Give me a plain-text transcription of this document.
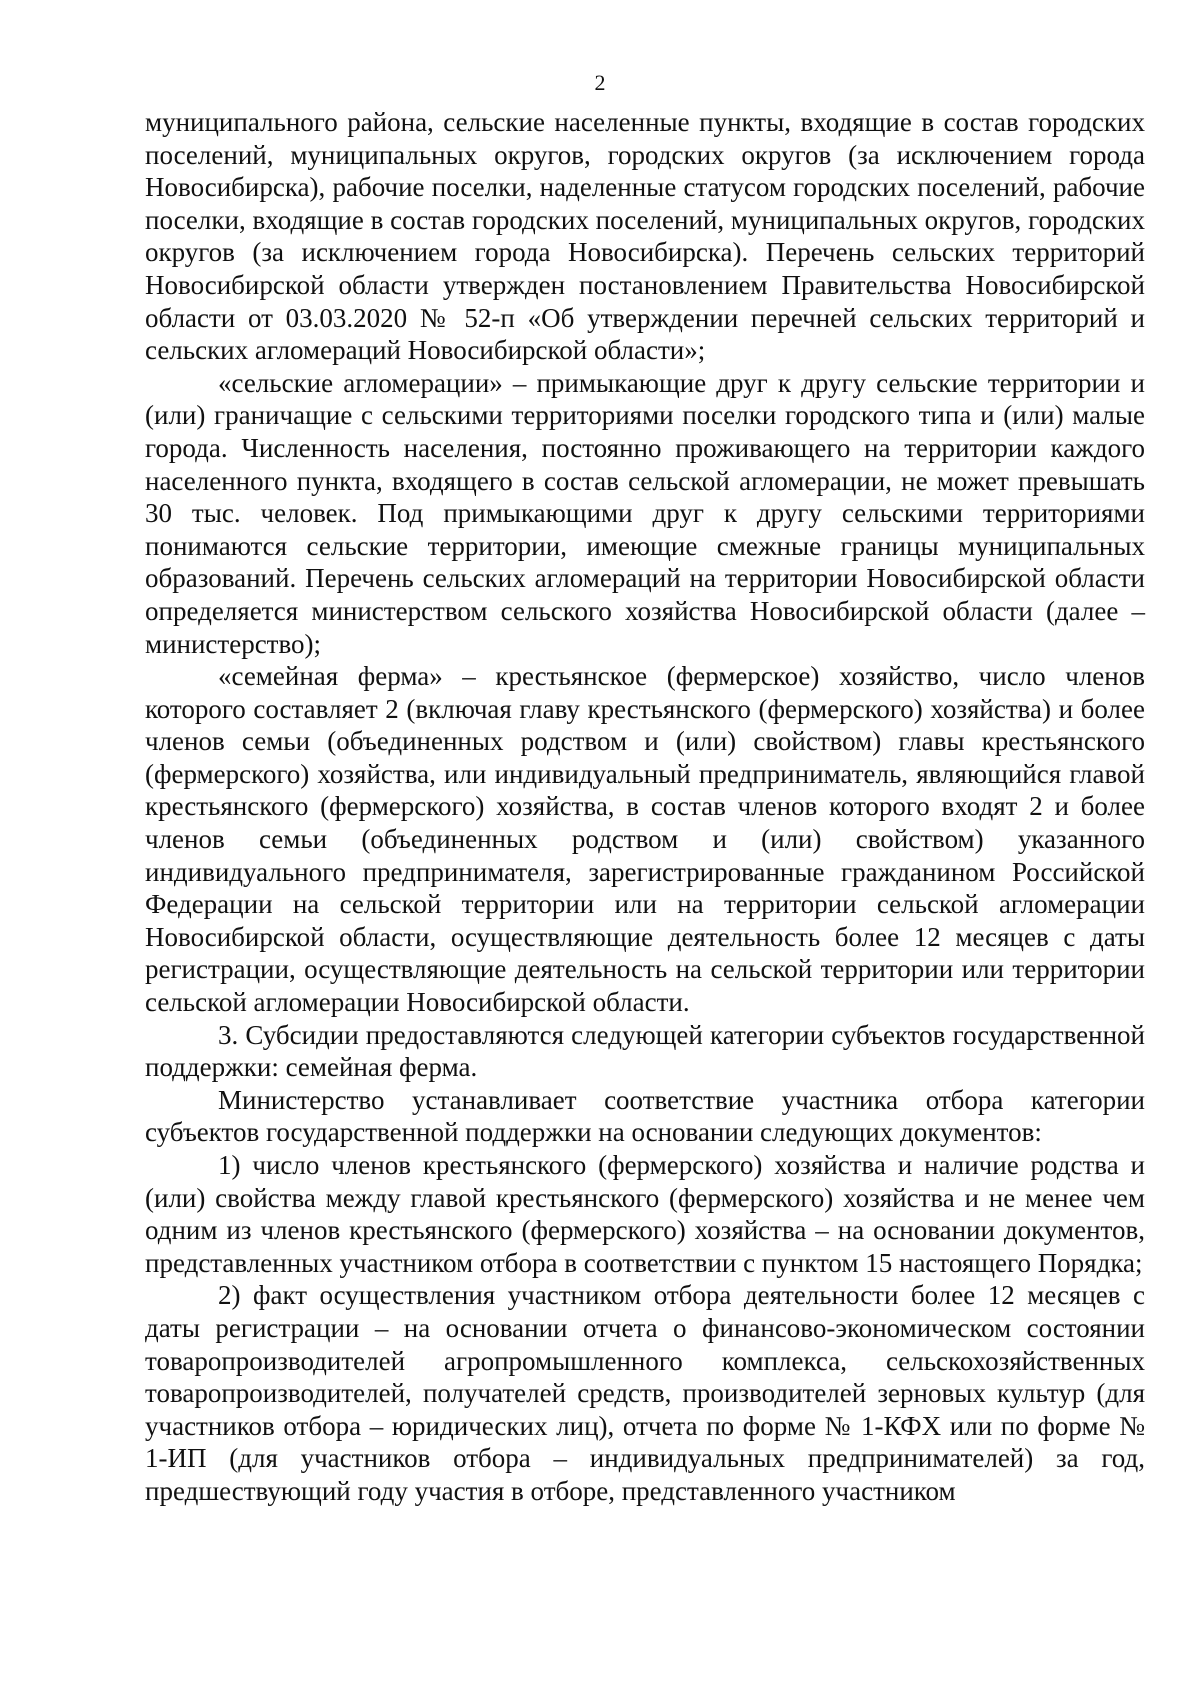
2

муниципального района, сельские населенные пункты, входящие в состав городских поселений, муниципальных округов, городских округов (за исключением города Новосибирска), рабочие поселки, наделенные статусом городских поселений, рабочие поселки, входящие в состав городских поселений, муниципальных округов, городских округов (за исключением города Новосибирска). Перечень сельских территорий Новосибирской области утвержден постановлением Правительства Новосибирской области от 03.03.2020 № 52-п «Об утверждении перечней сельских территорий и сельских агломераций Новосибирской области»;

«сельские агломерации» – примыкающие друг к другу сельские территории и (или) граничащие с сельскими территориями поселки городского типа и (или) малые города. Численность населения, постоянно проживающего на территории каждого населенного пункта, входящего в состав сельской агломерации, не может превышать 30 тыс. человек. Под примыкающими друг к другу сельскими территориями понимаются сельские территории, имеющие смежные границы муниципальных образований. Перечень сельских агломераций на территории Новосибирской области определяется министерством сельского хозяйства Новосибирской области (далее – министерство);

«семейная ферма» – крестьянское (фермерское) хозяйство, число членов которого составляет 2 (включая главу крестьянского (фермерского) хозяйства) и более членов семьи (объединенных родством и (или) свойством) главы крестьянского (фермерского) хозяйства, или индивидуальный предприниматель, являющийся главой крестьянского (фермерского) хозяйства, в состав членов которого входят 2 и более членов семьи (объединенных родством и (или) свойством) указанного индивидуального предпринимателя, зарегистрированные гражданином Российской Федерации на сельской территории или на территории сельской агломерации Новосибирской области, осуществляющие деятельность более 12 месяцев с даты регистрации, осуществляющие деятельность на сельской территории или территории сельской агломерации Новосибирской области.

3. Субсидии предоставляются следующей категории субъектов государственной поддержки: семейная ферма.

Министерство устанавливает соответствие участника отбора категории субъектов государственной поддержки на основании следующих документов:

1) число членов крестьянского (фермерского) хозяйства и наличие родства и (или) свойства между главой крестьянского (фермерского) хозяйства и не менее чем одним из членов крестьянского (фермерского) хозяйства – на основании документов, представленных участником отбора в соответствии с пунктом 15 настоящего Порядка;

2) факт осуществления участником отбора деятельности более 12 месяцев с даты регистрации – на основании отчета о финансово-экономическом состоянии товаропроизводителей агропромышленного комплекса, сельскохозяйственных товаропроизводителей, получателей средств, производителей зерновых культур (для участников отбора – юридических лиц), отчета по форме № 1-КФХ или по форме № 1-ИП (для участников отбора – индивидуальных предпринимателей) за год, предшествующий году участия в отборе, представленного участником
